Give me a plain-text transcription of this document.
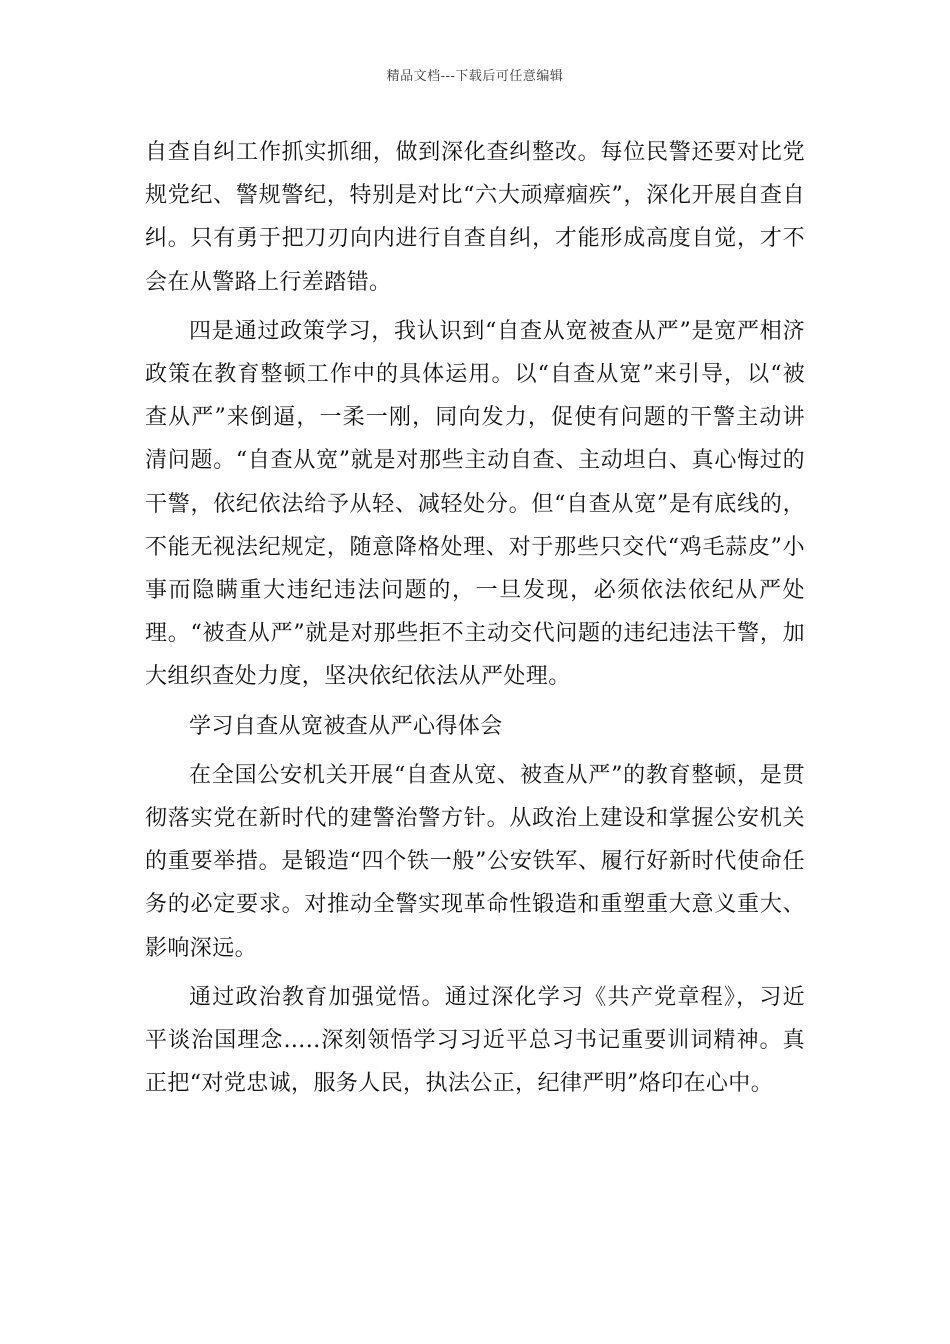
精品文档---下载后可任意编辑

自查自纠工作抓实抓细，做到深化查纠整改。每位民警还要对比党规党纪、警规警纪，特别是对比“六大顽瘴痼疾”，深化开展自查自纠。只有勇于把刀刃向内进行自查自纠，才能形成高度自觉，才不会在从警路上行差踏错。

四是通过政策学习，我认识到“自查从宽被查从严”是宽严相济政策在教育整顿工作中的具体运用。以“自查从宽”来引导，以“被查从严”来倒逼，一柔一刚，同向发力，促使有问题的干警主动讲清问题。“自查从宽”就是对那些主动自查、主动坦白、真心悔过的干警，依纪依法给予从轻、减轻处分。但“自查从宽”是有底线的，不能无视法纪规定，随意降格处理、对于那些只交代“鸡毛蒜皮”小事而隐瞒重大违纪违法问题的，一旦发现，必须依法依纪从严处理。“被查从严”就是对那些拒不主动交代问题的违纪违法干警，加大组织查处力度，坚决依纪依法从严处理。

学习自查从宽被查从严心得体会

在全国公安机关开展“自查从宽、被查从严”的教育整顿，是贯彻落实党在新时代的建警治警方针。从政治上建设和掌握公安机关的重要举措。是锻造“四个铁一般”公安铁军、履行好新时代使命任务的必定要求。对推动全警实现革命性锻造和重塑重大意义重大、影响深远。

通过政治教育加强觉悟。通过深化学习《共产党章程》，习近平谈治国理念…..深刻领悟学习习近平总习书记重要训词精神。真正把“对党忠诚，服务人民，执法公正，纪律严明”烙印在心中。
